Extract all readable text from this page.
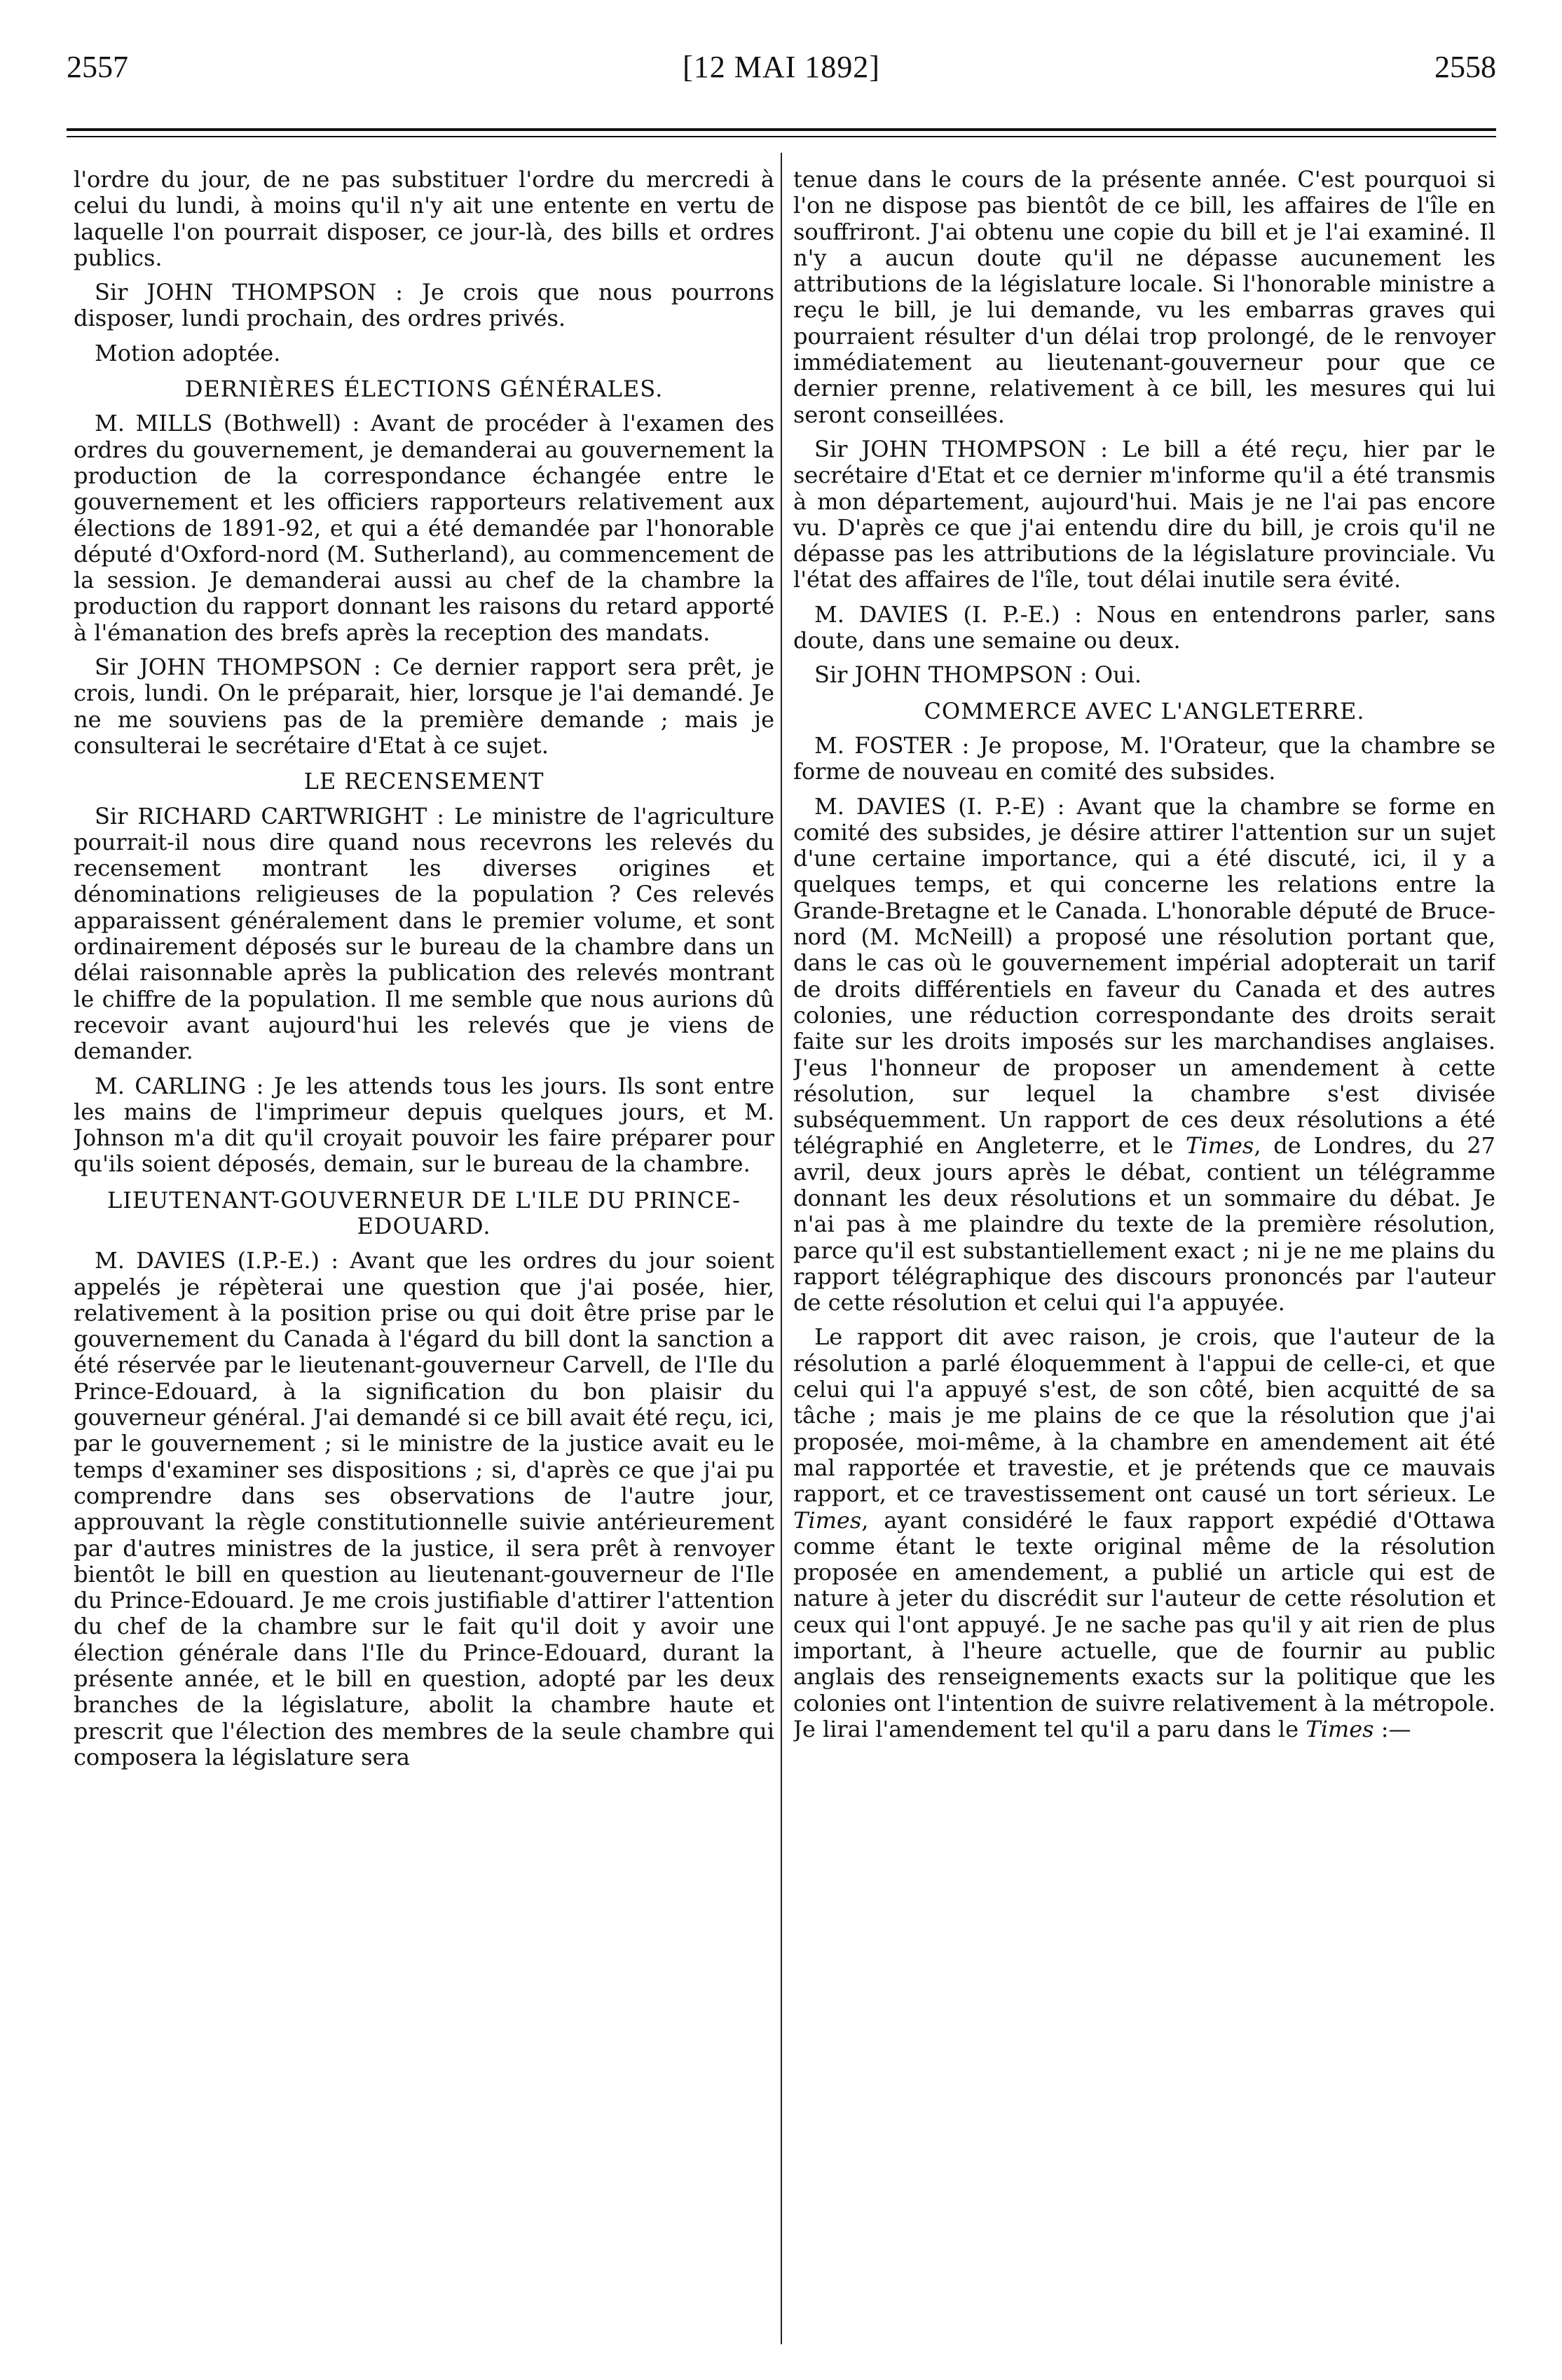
2557	[12 MAI 1892]	2558

l'ordre du jour, de ne pas substituer l'ordre du mercredi à celui du lundi, à moins qu'il n'y ait une entente en vertu de laquelle l'on pourrait disposer, ce jour-là, des bills et ordres publics.

Sir JOHN THOMPSON : Je crois que nous pourrons disposer, lundi prochain, des ordres privés.

Motion adoptée.

DERNIÈRES ÉLECTIONS GÉNÉRALES.

M. MILLS (Bothwell) : Avant de procéder à l'examen des ordres du gouvernement, je demanderai au gouvernement la production de la correspondance échangée entre le gouvernement et les officiers rapporteurs relativement aux élections de 1891-92, et qui a été demandée par l'honorable député d'Oxford-nord (M. Sutherland), au commencement de la session. Je demanderai aussi au chef de la chambre la production du rapport donnant les raisons du retard apporté à l'émanation des brefs après la reception des mandats.

Sir JOHN THOMPSON : Ce dernier rapport sera prêt, je crois, lundi. On le préparait, hier, lorsque je l'ai demandé. Je ne me souviens pas de la première demande ; mais je consulterai le secrétaire d'Etat à ce sujet.

LE RECENSEMENT

Sir RICHARD CARTWRIGHT : Le ministre de l'agriculture pourrait-il nous dire quand nous recevrons les relevés du recensement montrant les diverses origines et dénominations religieuses de la population ? Ces relevés apparaissent généralement dans le premier volume, et sont ordinairement déposés sur le bureau de la chambre dans un délai raisonnable après la publication des relevés montrant le chiffre de la population. Il me semble que nous aurions dû recevoir avant aujourd'hui les relevés que je viens de demander.

M. CARLING : Je les attends tous les jours. Ils sont entre les mains de l'imprimeur depuis quelques jours, et M. Johnson m'a dit qu'il croyait pouvoir les faire préparer pour qu'ils soient déposés, demain, sur le bureau de la chambre.

LIEUTENANT-GOUVERNEUR DE L'ILE DU PRINCE-EDOUARD.

M. DAVIES (I.P.-E.) : Avant que les ordres du jour soient appelés je répèterai une question que j'ai posée, hier, relativement à la position prise ou qui doit être prise par le gouvernement du Canada à l'égard du bill dont la sanction a été réservée par le lieutenant-gouverneur Carvell, de l'Ile du Prince-Edouard, à la signification du bon plaisir du gouverneur général. J'ai demandé si ce bill avait été reçu, ici, par le gouvernement ; si le ministre de la justice avait eu le temps d'examiner ses dispositions ; si, d'après ce que j'ai pu comprendre dans ses observations de l'autre jour, approuvant la règle constitutionnelle suivie antérieurement par d'autres ministres de la justice, il sera prêt à renvoyer bientôt le bill en question au lieutenant-gouverneur de l'Ile du Prince-Edouard. Je me crois justifiable d'attirer l'attention du chef de la chambre sur le fait qu'il doit y avoir une élection générale dans l'Ile du Prince-Edouard, durant la présente année, et le bill en question, adopté par les deux branches de la législature, abolit la chambre haute et prescrit que l'élection des membres de la seule chambre qui composera la législature sera

tenue dans le cours de la présente année. C'est pourquoi si l'on ne dispose pas bientôt de ce bill, les affaires de l'île en souffriront. J'ai obtenu une copie du bill et je l'ai examiné. Il n'y a aucun doute qu'il ne dépasse aucunement les attributions de la législature locale. Si l'honorable ministre a reçu le bill, je lui demande, vu les embarras graves qui pourraient résulter d'un délai trop prolongé, de le renvoyer immédiatement au lieutenant-gouverneur pour que ce dernier prenne, relativement à ce bill, les mesures qui lui seront conseillées.

Sir JOHN THOMPSON : Le bill a été reçu, hier par le secrétaire d'Etat et ce dernier m'informe qu'il a été transmis à mon département, aujourd'hui. Mais je ne l'ai pas encore vu. D'après ce que j'ai entendu dire du bill, je crois qu'il ne dépasse pas les attributions de la législature provinciale. Vu l'état des affaires de l'île, tout délai inutile sera évité.

M. DAVIES (I. P.-E.) : Nous en entendrons parler, sans doute, dans une semaine ou deux.

Sir JOHN THOMPSON : Oui.

COMMERCE AVEC L'ANGLETERRE.

M. FOSTER : Je propose, M. l'Orateur, que la chambre se forme de nouveau en comité des subsides.

M. DAVIES (I. P.-E) : Avant que la chambre se forme en comité des subsides, je désire attirer l'attention sur un sujet d'une certaine importance, qui a été discuté, ici, il y a quelques temps, et qui concerne les relations entre la Grande-Bretagne et le Canada. L'honorable député de Bruce-nord (M. McNeill) a proposé une résolution portant que, dans le cas où le gouvernement impérial adopterait un tarif de droits différentiels en faveur du Canada et des autres colonies, une réduction correspondante des droits serait faite sur les droits imposés sur les marchandises anglaises. J'eus l'honneur de proposer un amendement à cette résolution, sur lequel la chambre s'est divisée subséquemment. Un rapport de ces deux résolutions a été télégraphié en Angleterre, et le Times, de Londres, du 27 avril, deux jours après le débat, contient un télégramme donnant les deux résolutions et un sommaire du débat. Je n'ai pas à me plaindre du texte de la première résolution, parce qu'il est substantiellement exact ; ni je ne me plains du rapport télégraphique des discours prononcés par l'auteur de cette résolution et celui qui l'a appuyée.

Le rapport dit avec raison, je crois, que l'auteur de la résolution a parlé éloquemment à l'appui de celle-ci, et que celui qui l'a appuyé s'est, de son côté, bien acquitté de sa tâche ; mais je me plains de ce que la résolution que j'ai proposée, moi-même, à la chambre en amendement ait été mal rapportée et travestie, et je prétends que ce mauvais rapport, et ce travestissement ont causé un tort sérieux. Le Times, ayant considéré le faux rapport expédié d'Ottawa comme étant le texte original même de la résolution proposée en amendement, a publié un article qui est de nature à jeter du discrédit sur l'auteur de cette résolution et ceux qui l'ont appuyé. Je ne sache pas qu'il y ait rien de plus important, à l'heure actuelle, que de fournir au public anglais des renseignements exacts sur la politique que les colonies ont l'intention de suivre relativement à la métropole. Je lirai l'amendement tel qu'il a paru dans le Times :—
